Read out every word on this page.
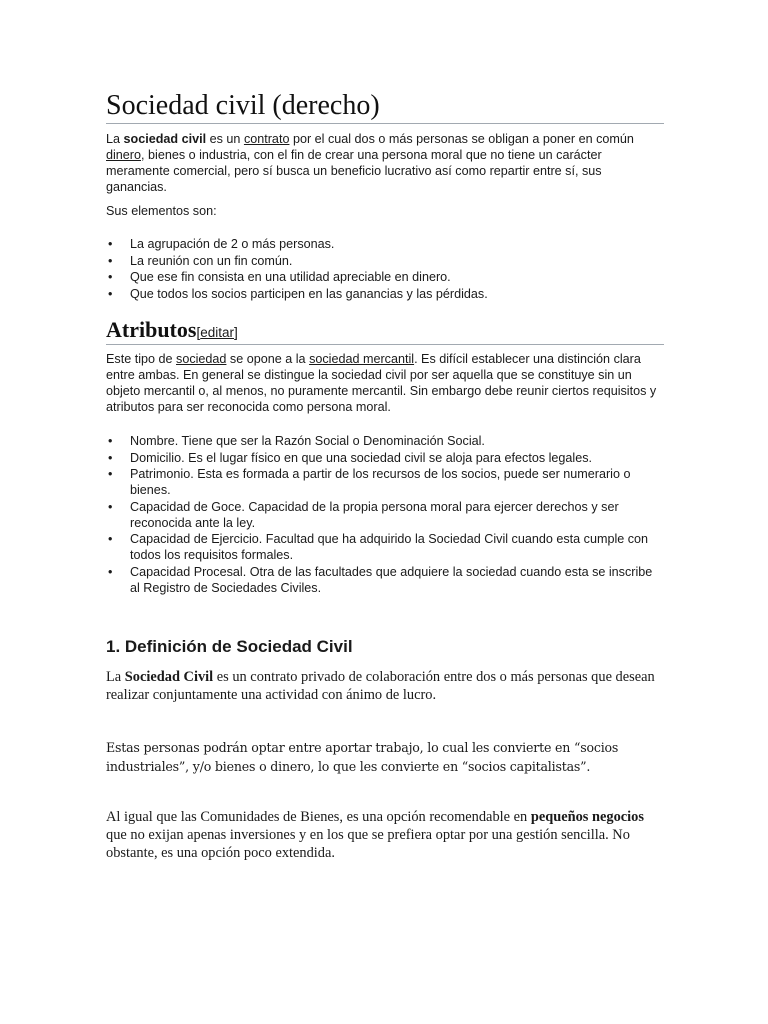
Sociedad civil (derecho)

La sociedad civil es un contrato por el cual dos o más personas se obligan a poner en común dinero, bienes o industria, con el fin de crear una persona moral que no tiene un carácter meramente comercial, pero sí busca un beneficio lucrativo así como repartir entre sí, sus ganancias.

Sus elementos son:

• La agrupación de 2 o más personas.
• La reunión con un fin común.
• Que ese fin consista en una utilidad apreciable en dinero.
• Que todos los socios participen en las ganancias y las pérdidas.
Atributos[editar]

Este tipo de sociedad se opone a la sociedad mercantil. Es difícil establecer una distinción clara entre ambas. En general se distingue la sociedad civil por ser aquella que se constituye sin un objeto mercantil o, al menos, no puramente mercantil. Sin embargo debe reunir ciertos requisitos y atributos para ser reconocida como persona moral.

• Nombre. Tiene que ser la Razón Social o Denominación Social.
• Domicilio. Es el lugar físico en que una sociedad civil se aloja para efectos legales.
• Patrimonio. Esta es formada a partir de los recursos de los socios, puede ser numerario o bienes.
• Capacidad de Goce. Capacidad de la propia persona moral para ejercer derechos y ser reconocida ante la ley.
• Capacidad de Ejercicio. Facultad que ha adquirido la Sociedad Civil cuando esta cumple con todos los requisitos formales.
• Capacidad Procesal. Otra de las facultades que adquiere la sociedad cuando esta se inscribe al Registro de Sociedades Civiles.
1. Definición de Sociedad Civil

La Sociedad Civil es un contrato privado de colaboración entre dos o más personas que desean realizar conjuntamente una actividad con ánimo de lucro.

Estas personas podrán optar entre aportar trabajo, lo cual les convierte en “socios industriales”, y/o bienes o dinero, lo que les convierte en “socios capitalistas”.

Al igual que las Comunidades de Bienes, es una opción recomendable en pequeños negocios que no exijan apenas inversiones y en los que se prefiera optar por una gestión sencilla. No obstante, es una opción poco extendida.
